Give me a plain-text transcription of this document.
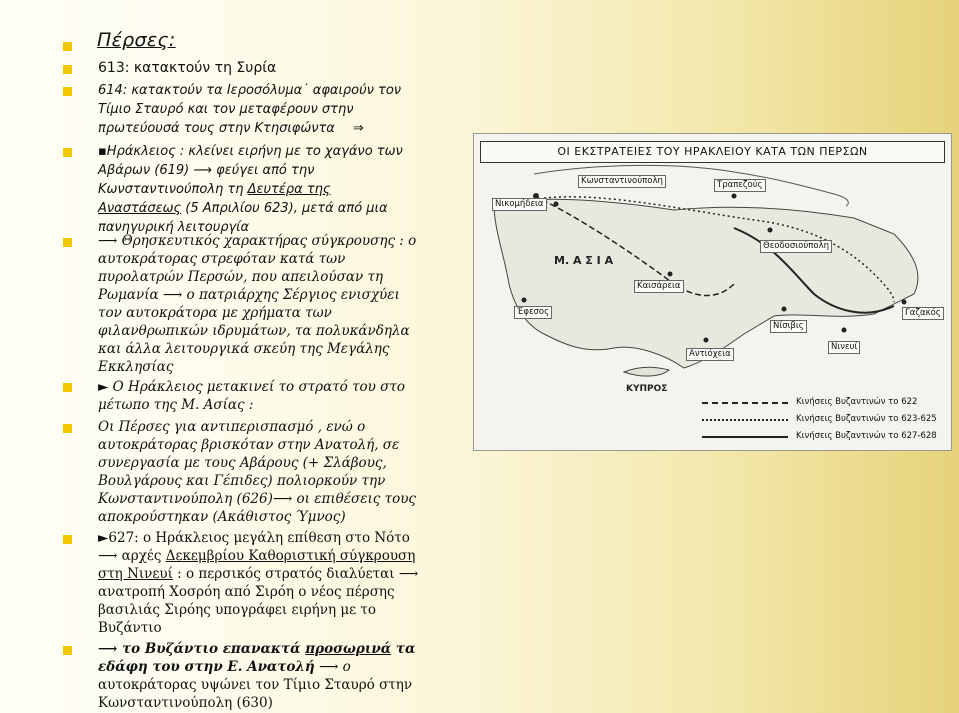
Πέρσες:
613: κατακτούν τη Συρία
614: κατακτούν τα Ιεροσόλυμα˙ αφαιρούν τον
Τίμιο Σταυρό και τον μεταφέρουν στην
πρωτεύουσά τους στην Κτησιφώντα ⇒
▪Ηράκλειος : κλείνει ειρήνη με το χαγάνο των
Αβάρων (619) ⟶ φεύγει από την
Κωνσταντινούπολη τη Δευτέρα της
Αναστάσεως (5 Απριλίου 623), μετά από μια
πανηγυρική λειτουργία
⟶ Θρησκευτικός χαρακτήρας σύγκρουσης : ο
αυτοκράτορας στρεφόταν κατά των
πυρολατρών Περσών, που απειλούσαν τη
Ρωμανία ⟶ ο πατριάρχης Σέργιος ενισχύει
τον αυτοκράτορα με χρήματα των
φιλανθρωπικών ιδρυμάτων, τα πολυκάνδηλα
και άλλα λειτουργικά σκεύη της Μεγάλης
Εκκλησίας
► Ο Ηράκλειος μετακινεί το στρατό του στο
μέτωπο της Μ. Ασίας :
Οι Πέρσες για αντιπερισπασμό , ενώ ο
αυτοκράτορας βρισκόταν στην Ανατολή, σε
συνεργασία με τους Αβάρους (+ Σλάβους,
Βουλγάρους και Γέπιδες) πολιορκούν την
Κωνσταντινούπολη (626)⟶ οι επιθέσεις τους
αποκρούστηκαν (Ακάθιστος Ύμνος)
►627: ο Ηράκλειος μεγάλη επίθεση στο Νότο
⟶ αρχές Δεκεμβρίου Καθοριστική σύγκρουση
στη Νινευί : ο περσικός στρατός διαλύεται ⟶
ανατροπή Χοσρόη από Σιρόη ο νέος πέρσης
βασιλιάς Σιρόης υπογράφει ειρήνη με το
Βυζάντιο
⟶ το Βυζάντιο επανακτά προσωρινά τα
εδάφη του στην Ε. Ανατολή ⟶ ο
αυτοκράτορας υψώνει τον Τίμιο Σταυρό στην
Κωνσταντινούπολη (630)
ΟΙ ΕΚΣΤΡΑΤΕΙΕΣ ΤΟΥ ΗΡΑΚΛΕΙΟΥ ΚΑΤΑ ΤΩΝ ΠΕΡΣΩΝ
Κωνσταντινούπολη
Νικομήδεια
Τραπεζούς
Θεοδοσιούπολη
Καισάρεια
Έφεσος
Νίσιβις
Νινευί
Γαζακός
Αντιόχεια
ΚΥΠΡΟΣ
Μ. Α Σ Ι Α
Κινήσεις Βυζαντινών το 622
Κινήσεις Βυζαντινών το 623-625
Κινήσεις Βυζαντινών το 627-628
